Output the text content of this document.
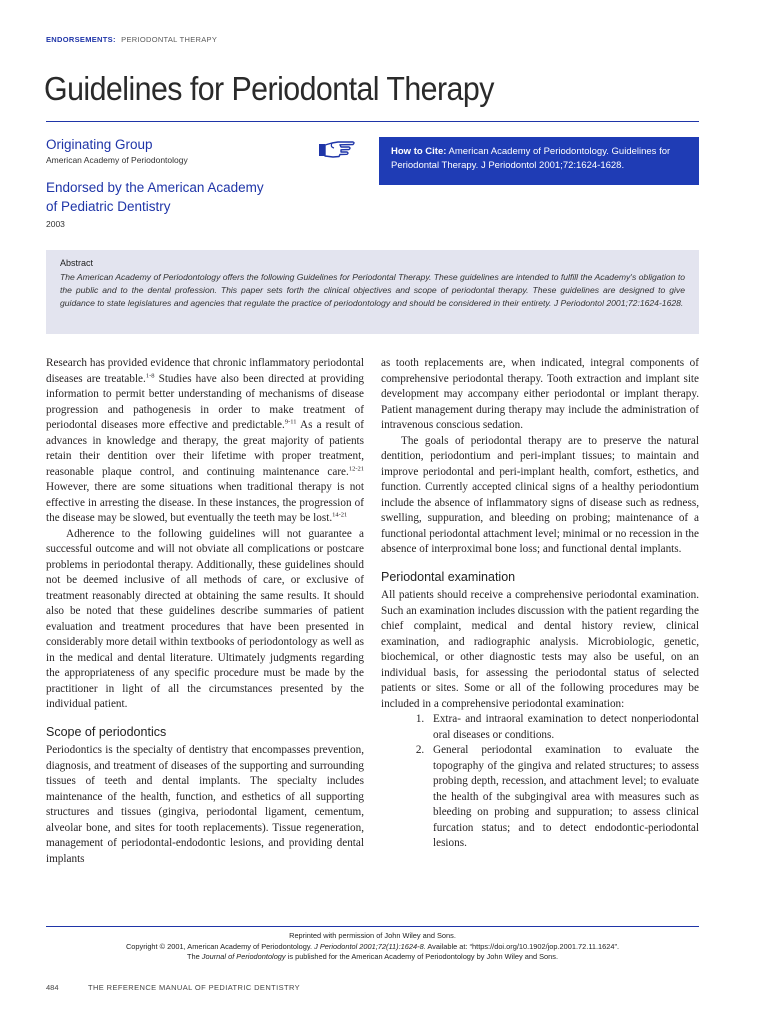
ENDORSEMENTS: PERIODONTAL THERAPY
Guidelines for Periodontal Therapy
Originating Group
American Academy of Periodontology
Endorsed by the American Academy
of Pediatric Dentistry
2003
How to Cite: American Academy of Periodontology. Guidelines for Periodontal Therapy. J Periodontol 2001;72:1624-1628.
Abstract
The American Academy of Periodontology offers the following Guidelines for Periodontal Therapy. These guidelines are intended to fulfill the Academy's obligation to the public and to the dental profession. This paper sets forth the clinical objectives and scope of periodontal therapy. These guidelines are designed to give guidance to state legislatures and agencies that regulate the practice of periodontology and should be considered in their entirety. J Periodontol 2001;72:1624-1628.

Research has provided evidence that chronic inflammatory periodontal diseases are treatable.$^{1-8}$ Studies have also been directed at providing information to permit better understanding of mechanisms of disease progression and pathogenesis in order to make treatment of periodontal diseases more effective and predictable.$^{9-11}$ As a result of advances in knowledge and therapy, the great majority of patients retain their dentition over their lifetime with proper treatment, reasonable plaque control, and continuing maintenance care.$^{12-21}$ However, there are some situations when traditional therapy is not effective in arresting the disease. In these instances, the progression of the disease may be slowed, but eventually the teeth may be lost.$^{14-21}$

Adherence to the following guidelines will not guarantee a successful outcome and will not obviate all complications or postcare problems in periodontal therapy. Additionally, these guidelines should not be deemed inclusive of all methods of care, or exclusive of treatment reasonably directed at obtaining the same results. It should also be noted that these guidelines describe summaries of patient evaluation and treatment procedures that have been presented in considerably more detail within textbooks of periodontology as well as in the medical and dental literature. Ultimately judgments regarding the appropriateness of any specific procedure must be made by the practitioner in light of all the circumstances presented by the individual patient.

Scope of periodontics

Periodontics is the specialty of dentistry that encompasses prevention, diagnosis, and treatment of diseases of the supporting and surrounding tissues of teeth and dental implants. The specialty includes maintenance of the health, function, and esthetics of all supporting structures and tissues (gingiva, periodontal ligament, cementum, alveolar bone, and sites for tooth replacements). Tissue regeneration, management of periodontal-endodontic lesions, and providing dental implants

as tooth replacements are, when indicated, integral components of comprehensive periodontal therapy. Tooth extraction and implant site development may accompany either periodontal or implant therapy. Patient management during therapy may include the administration of intravenous conscious sedation.

The goals of periodontal therapy are to preserve the natural dentition, periodontium and peri-implant tissues; to maintain and improve periodontal and peri-implant health, comfort, esthetics, and function. Currently accepted clinical signs of a healthy periodontium include the absence of inflammatory signs of disease such as redness, swelling, suppuration, and bleeding on probing; maintenance of a functional periodontal attachment level; minimal or no recession in the absence of interproximal bone loss; and functional dental implants.

Periodontal examination

All patients should receive a comprehensive periodontal examination. Such an examination includes discussion with the patient regarding the chief complaint, medical and dental history review, clinical examination, and radiographic analysis. Microbiologic, genetic, biochemical, or other diagnostic tests may also be useful, on an individual basis, for assessing the periodontal status of selected patients or sites. Some or all of the following procedures may be included in a comprehensive periodontal examination:

1. Extra- and intraoral examination to detect nonperiodontal oral diseases or conditions.
2. General periodontal examination to evaluate the topography of the gingiva and related structures; to assess probing depth, recession, and attachment level; to evaluate the health of the subgingival area with measures such as bleeding on probing and suppuration; to assess clinical furcation status; and to detect endodontic-periodontal lesions.
Reprinted with permission of John Wiley and Sons.
Copyright © 2001, American Academy of Periodontology. J Periodontol 2001;72(11):1624-8. Available at: “https://doi.org/10.1902/jop.2001.72.11.1624”.
The Journal of Periodontology is published for the American Academy of Periodontology by John Wiley and Sons.
484	THE REFERENCE MANUAL OF PEDIATRIC DENTISTRY
